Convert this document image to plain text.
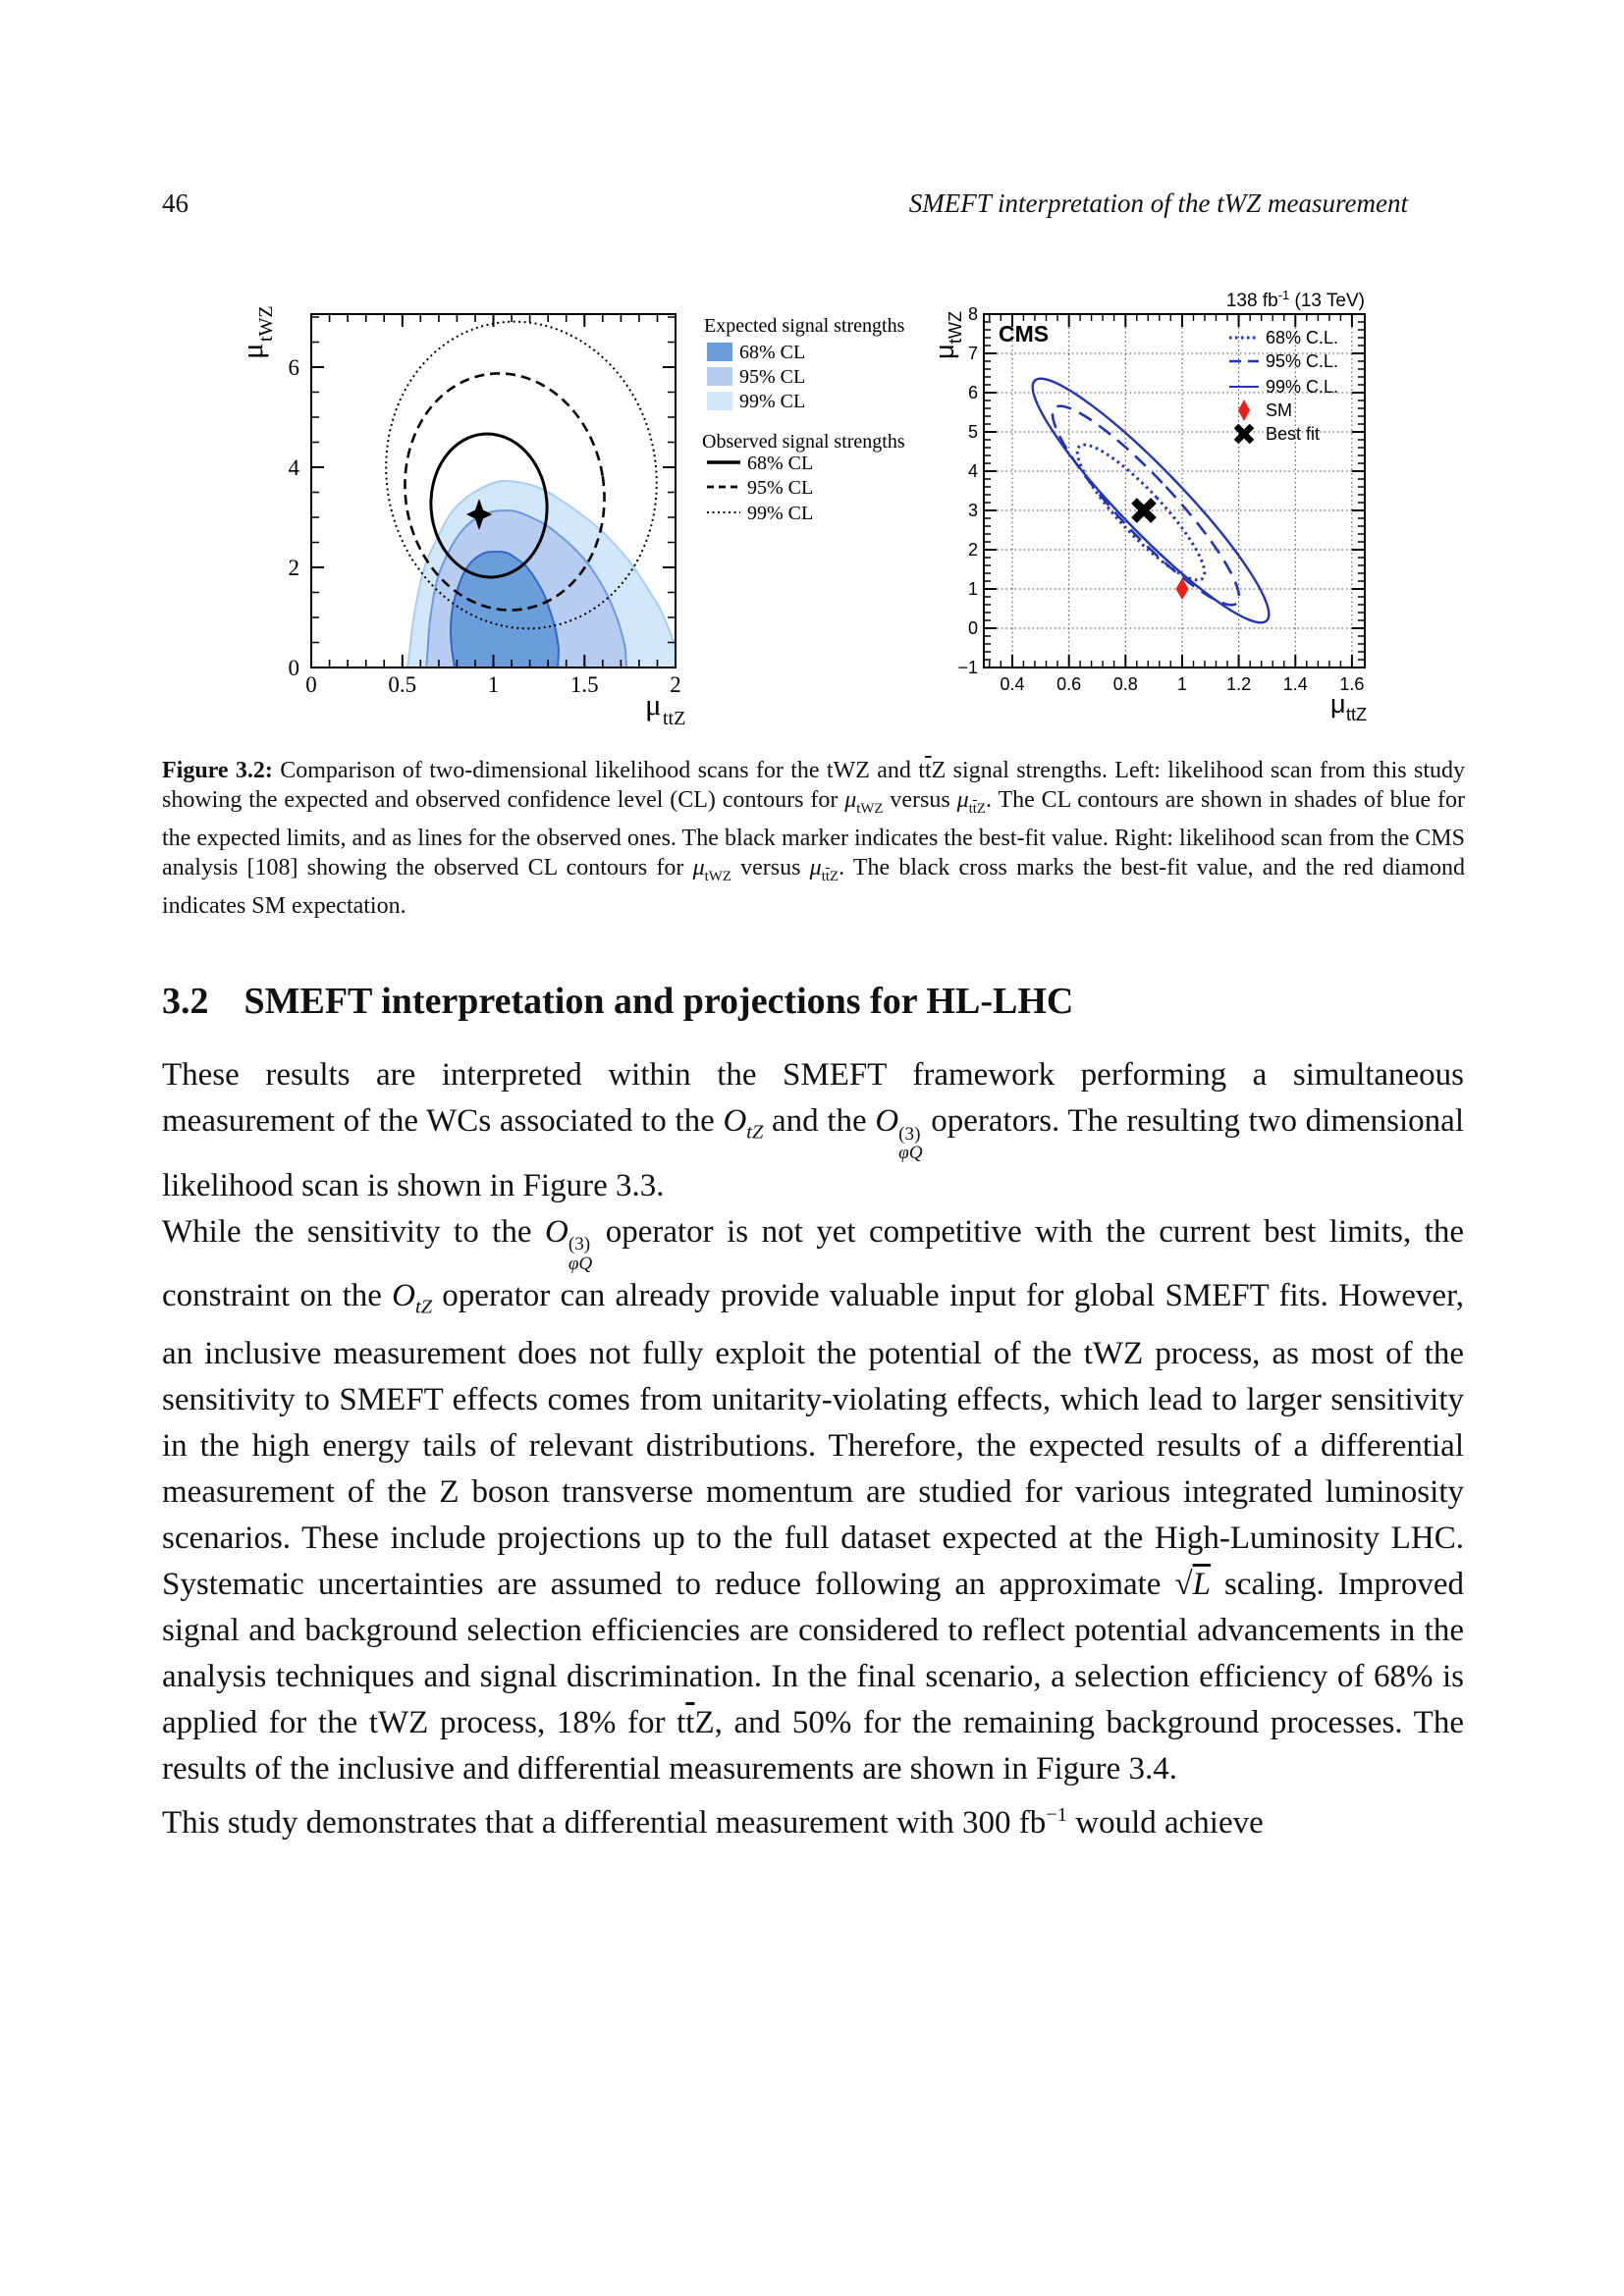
46	SMEFT interpretation of the tWZ measurement
0	0.5	1	1.5	2
0
2
4
6
μ ttZ
μ
tWZ	Expected signal strengths
68% CL
95% CL
99% CL
Observed signal strengths
68% CL
95% CL
99% CL
0.4 0.6 0.8 1 1.2 1.4 1.6
−1
0
1
2
3
4
5
6
7
8
CMS
138 $fb^{-1}$ (13 TeV)
μ ttZ
μ
tWZ	68% C.L.
95% C.L.
99% C.L.
SM
Best fit
Figure 3.2: Comparison of two-dimensional likelihood scans for the tWZ and $t\overline{t}Z$ signal strengths. Left: likelihood scan from this study showing the expected and observed confidence level (CL) contours for $\mu_{tWZ}$ versus $\mu_{t\overline{t}Z}$. The CL contours are shown in shades of blue for the expected limits, and as lines for the observed ones. The black marker indicates the best-fit value. Right: likelihood scan from the CMS analysis [108] showing the observed CL contours for $\mu_{tWZ}$ versus $\mu_{t\overline{t}Z}$. The black cross marks the best-fit value, and the red diamond indicates SM expectation.
3.2 SMEFT interpretation and projections for HL-LHC

These results are interpreted within the SMEFT framework performing a simultaneous measurement of the WCs associated to the $O_{tZ}$ and the O (3)
φQ
operators. The resulting two dimensional likelihood scan is shown in Figure 3.3.

While the sensitivity to the O (3)
φQ
operator is not yet competitive with the current best limits, the constraint on the $O_{tZ}$ operator can already provide valuable input for global SMEFT fits. However, an inclusive measurement does not fully exploit the potential of the tWZ process, as most of the sensitivity to SMEFT effects comes from unitarity-violating effects, which lead to larger sensitivity in the high energy tails of relevant distributions. Therefore, the expected results of a differential measurement of the Z boson transverse momentum are studied for various integrated luminosity scenarios. These include projections up to the full dataset expected at the High-Luminosity LHC. Systematic uncertainties are assumed to reduce following an approximate √L scaling. Improved signal and background selection efficiencies are considered to reflect potential advancements in the analysis techniques and signal discrimination. In the final scenario, a selection efficiency of 68% is applied for the tWZ process, 18% for $t\overline{t}Z$, and 50% for the remaining background processes. The results of the inclusive and differential measurements are shown in Figure 3.4.

This study demonstrates that a differential measurement with 300 $fb^{-1}$ would achieve
